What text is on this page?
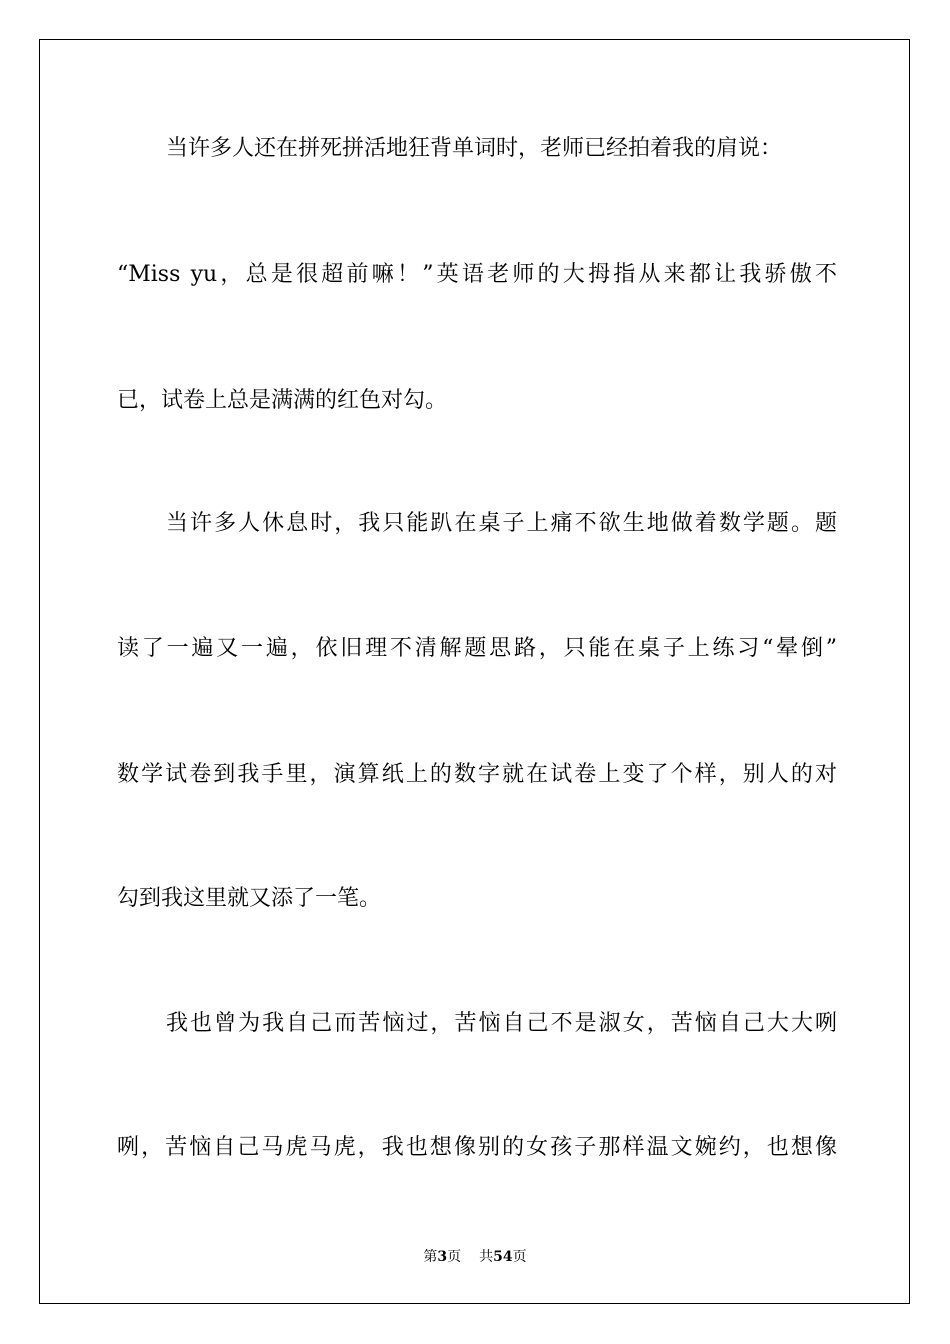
当许多人还在拼死拼活地狂背单词时，老师已经拍着我的肩说：
“Miss yu，总是很超前嘛！”英语老师的大拇指从来都让我骄傲不
已，试卷上总是满满的红色对勾。
当许多人休息时，我只能趴在桌子上痛不欲生地做着数学题。题
读了一遍又一遍，依旧理不清解题思路，只能在桌子上练习“晕倒”
数学试卷到我手里，演算纸上的数字就在试卷上变了个样，别人的对
勾到我这里就又添了一笔。
我也曾为我自己而苦恼过，苦恼自己不是淑女，苦恼自己大大咧
咧，苦恼自己马虎马虎，我也想像别的女孩子那样温文婉约，也想像
第3页 共54页
